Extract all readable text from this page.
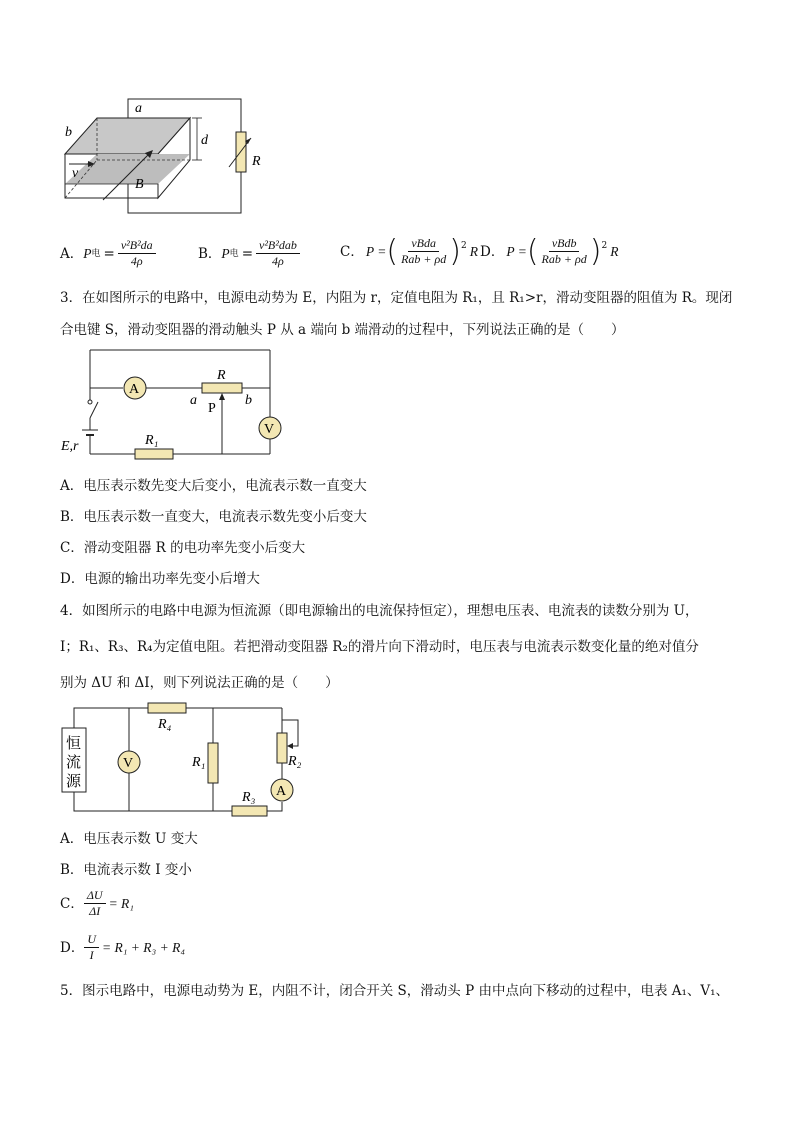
a
b
d
v
B
R
A． P 电 = $\frac{\text{v²B²da}}{4\rho}$	B． P 电 = $\frac{\text{v²B²dab}}{4\rho}$	C． P = ( $\frac{\text{vBda}}{\text{Rab + ρd}}$ ) 2 R D． P = ( $\frac{\text{vBdb}}{\text{Rab + ρd}}$ ) 2 R
3．在如图所示的电路中，电源电动势为 E，内阻为 r，定值电阻为 R₁，且 R₁>r，滑动变阻器的阻值为 R。现闭
合电键 S，滑动变阻器的滑动触头 P 从 a 端向 b 端滑动的过程中，下列说法正确的是（　　）
A
R
a	b
P
V
R₁
E,r
A．电压表示数先变大后变小，电流表示数一直变大
B．电压表示数一直变大，电流表示数先变小后变大
C．滑动变阻器 R 的电功率先变小后变大
D．电源的输出功率先变小后增大
4．如图所示的电路中电源为恒流源（即电源输出的电流保持恒定），理想电压表、电流表的读数分别为 U，
I；R₁、R₃、R₄为定值电阻。若把滑动变阻器 R₂的滑片向下滑动时，电压表与电流表示数变化量的绝对值分
别为 ΔU 和 ΔI，则下列说法正确的是（　　）
恒
流
源
R₄
V	R₁	R₂
A
R₃
A．电压表示数 U 变大
B．电流表示数 I 变小
C． $\frac{\Delta U}{\Delta I} = R_1$
D． $\frac{U}{I} = R_1 + R_3 + R_4$
5．图示电路中，电源电动势为 E，内阻不计，闭合开关 S，滑动头 P 由中点向下移动的过程中，电表 A₁、V₁、
